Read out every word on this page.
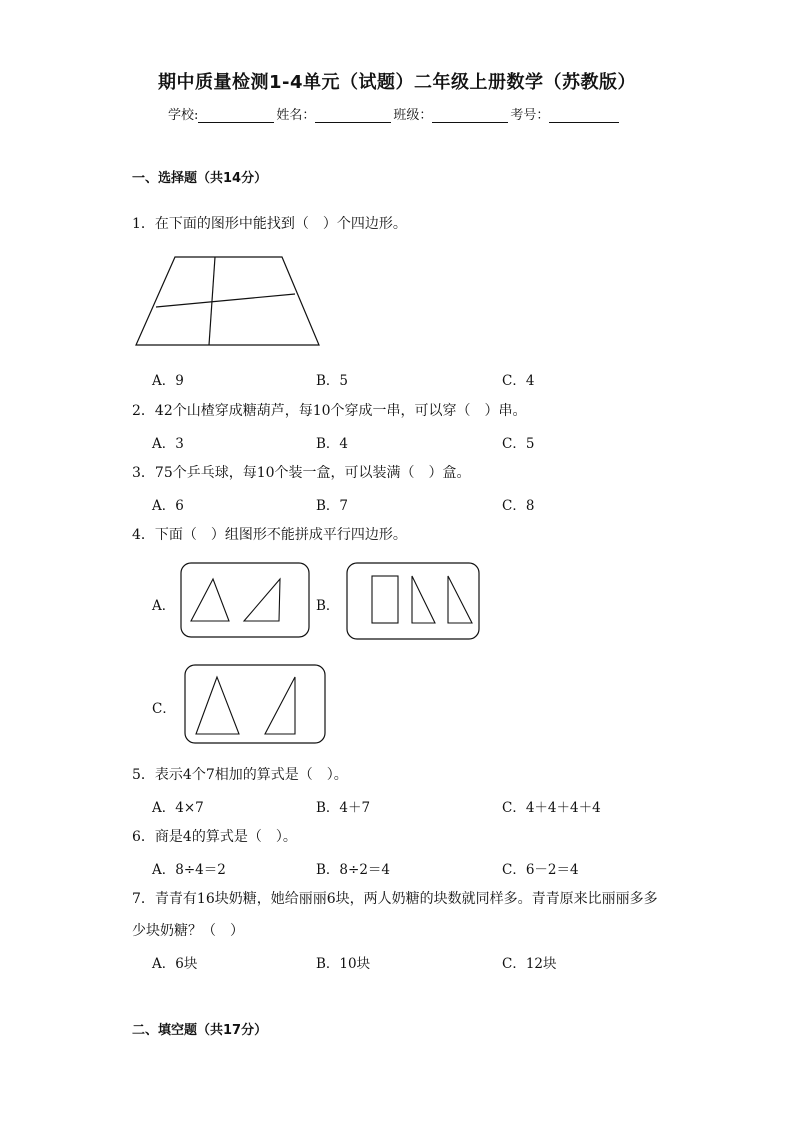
期中质量检测1-4单元（试题）二年级上册数学（苏教版）
学校:	姓名：	班级：	考号：
一、选择题（共14分）
1．在下面的图形中能找到（　）个四边形。
A．9	B．5	C．4
2．42个山楂穿成糖葫芦，每10个穿成一串，可以穿（　）串。
A．3	B．4	C．5
3．75个乒乓球，每10个装一盒，可以装满（　）盒。
A．6	B．7	C．8
4．下面（　）组图形不能拼成平行四边形。
A．	B．
C．
5．表示4个7相加的算式是（　）。
A．4×7	B．4＋7	C．4＋4＋4＋4
6．商是4的算式是（　）。
A．8÷4＝2	B．8÷2＝4	C．6－2＝4
7．青青有16块奶糖，她给丽丽6块，两人奶糖的块数就同样多。青青原来比丽丽多多
少块奶糖？（　）
A．6块	B．10块	C．12块
二、填空题（共17分）
